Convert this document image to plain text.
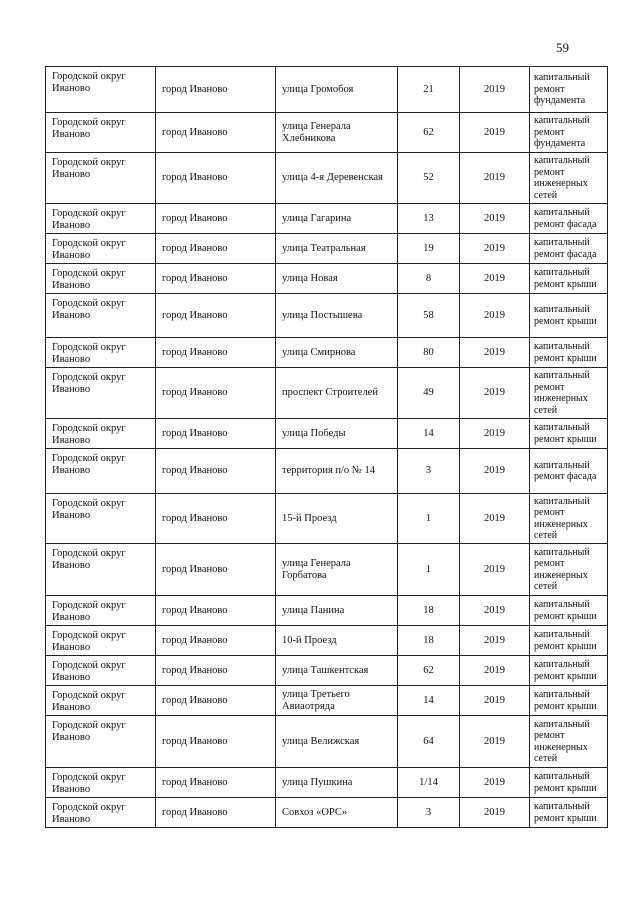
59
Городской округ Иваново	город Иваново	улица Громобоя	21	2019	капитальный ремонт фундамента
Городской округ Иваново	город Иваново	улица Генерала Хлебникова	62	2019	капитальный ремонт фундамента
Городской округ Иваново	город Иваново	улица 4-я Деревенская	52	2019	капитальный ремонт инженерных сетей
Городской округ Иваново	город Иваново	улица Гагарина	13	2019	капитальный ремонт фасада
Городской округ Иваново	город Иваново	улица Театральная	19	2019	капитальный ремонт фасада
Городской округ Иваново	город Иваново	улица Новая	8	2019	капитальный ремонт крыши
Городской округ Иваново	город Иваново	улица Постышева	58	2019	капитальный ремонт крыши
Городской округ Иваново	город Иваново	улица Смирнова	80	2019	капитальный ремонт крыши
Городской округ Иваново	город Иваново	проспект Строителей	49	2019	капитальный ремонт инженерных сетей
Городской округ Иваново	город Иваново	улица Победы	14	2019	капитальный ремонт крыши
Городской округ Иваново	город Иваново	территория п/о № 14	3	2019	капитальный ремонт фасада
Городской округ Иваново	город Иваново	15-й Проезд	1	2019	капитальный ремонт инженерных сетей
Городской округ Иваново	город Иваново	улица Генерала Горбатова	1	2019	капитальный ремонт инженерных сетей
Городской округ Иваново	город Иваново	улица Панина	18	2019	капитальный ремонт крыши
Городской округ Иваново	город Иваново	10-й Проезд	18	2019	капитальный ремонт крыши
Городской округ Иваново	город Иваново	улица Ташкентская	62	2019	капитальный ремонт крыши
Городской округ Иваново	город Иваново	улица Третьего Авиаотряда	14	2019	капитальный ремонт крыши
Городской округ Иваново	город Иваново	улица Велижская	64	2019	капитальный ремонт инженерных сетей
Городской округ Иваново	город Иваново	улица Пушкина	1/14	2019	капитальный ремонт крыши
Городской округ Иваново	город Иваново	Совхоз «ОРС»	3	2019	капитальный ремонт крыши
